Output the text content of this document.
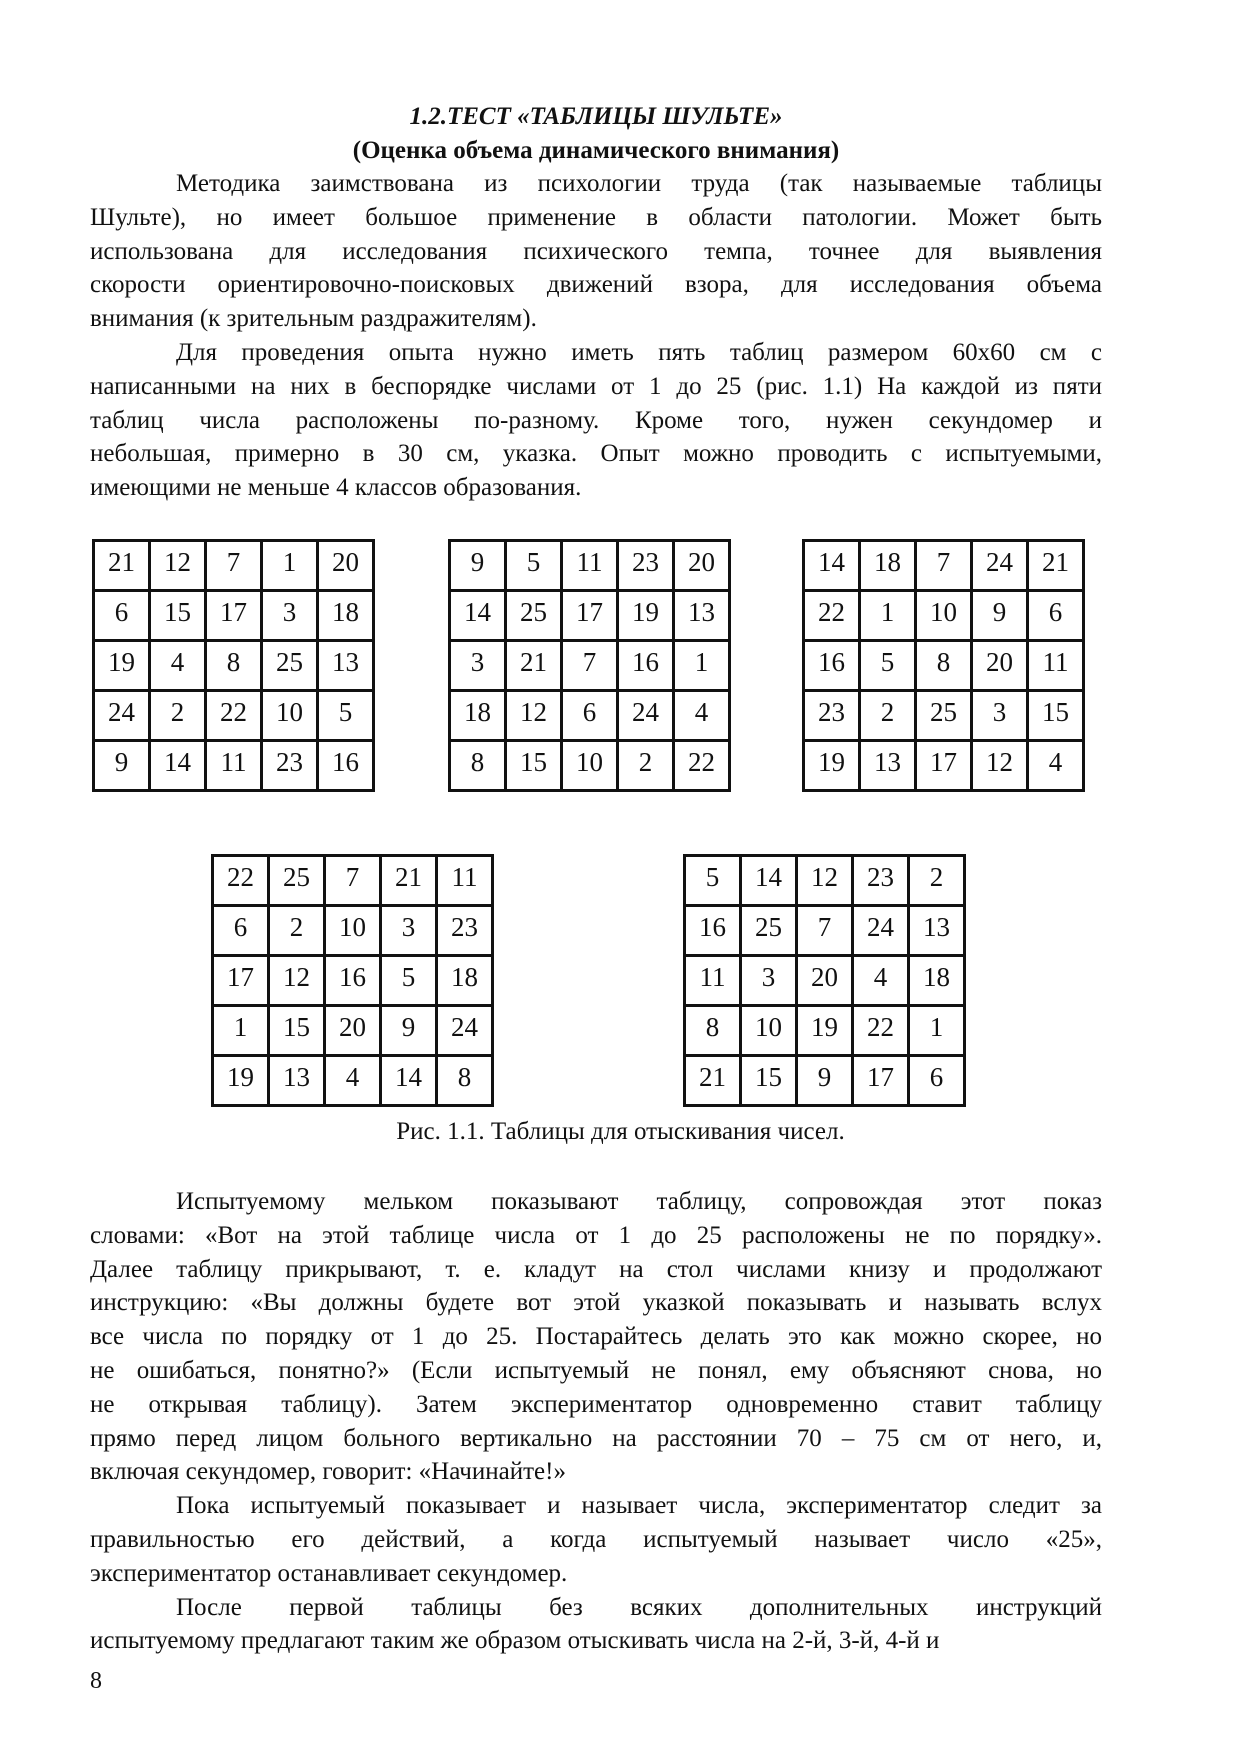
1.2.ТЕСТ «ТАБЛИЦЫ ШУЛЬТЕ»
(Оценка объема динамического внимания)
Методика заимствована из психологии труда (так называемые таблицы
Шульте), но имеет большое применение в области патологии. Может быть
использована для исследования психического темпа, точнее для выявления
скорости ориентировочно-поисковых движений взора, для исследования объема
внимания (к зрительным раздражителям).
Для проведения опыта нужно иметь пять таблиц размером 60х60 см с
написанными на них в беспорядке числами от 1 до 25 (рис. 1.1) На каждой из пяти
таблиц числа расположены по-разному. Кроме того, нужен секундомер и
небольшая, примерно в 30 см, указка. Опыт можно проводить с испытуемыми,
имеющими не меньше 4 классов образования.
21	12	7	1	20
6	15	17	3	18
19	4	8	25	13
24	2	22	10	5
9	14	11	23	16
9	5	11	23	20
14	25	17	19	13
3	21	7	16	1
18	12	6	24	4
8	15	10	2	22
14	18	7	24	21
22	1	10	9	6
16	5	8	20	11
23	2	25	3	15
19	13	17	12	4
22	25	7	21	11
6	2	10	3	23
17	12	16	5	18
1	15	20	9	24
19	13	4	14	8
5	14	12	23	2
16	25	7	24	13
11	3	20	4	18
8	10	19	22	1
21	15	9	17	6
Рис. 1.1. Таблицы для отыскивания чисел.
Испытуемому мельком показывают таблицу, сопровождая этот показ
словами: «Вот на этой таблице числа от 1 до 25 расположены не по порядку».
Далее таблицу прикрывают, т. е. кладут на стол числами книзу и продолжают
инструкцию: «Вы должны будете вот этой указкой показывать и называть вслух
все числа по порядку от 1 до 25. Постарайтесь делать это как можно скорее, но
не ошибаться, понятно?» (Если испытуемый не понял, ему объясняют снова, но
не открывая таблицу). Затем экспериментатор одновременно ставит таблицу
прямо перед лицом больного вертикально на расстоянии 70 – 75 см от него, и,
включая секундомер, говорит: «Начинайте!»
Пока испытуемый показывает и называет числа, экспериментатор следит за
правильностью его действий, а когда испытуемый называет число «25»,
экспериментатор останавливает секундомер.
После первой таблицы без всяких дополнительных инструкций
испытуемому предлагают таким же образом отыскивать числа на 2-й, 3-й, 4-й и
8
